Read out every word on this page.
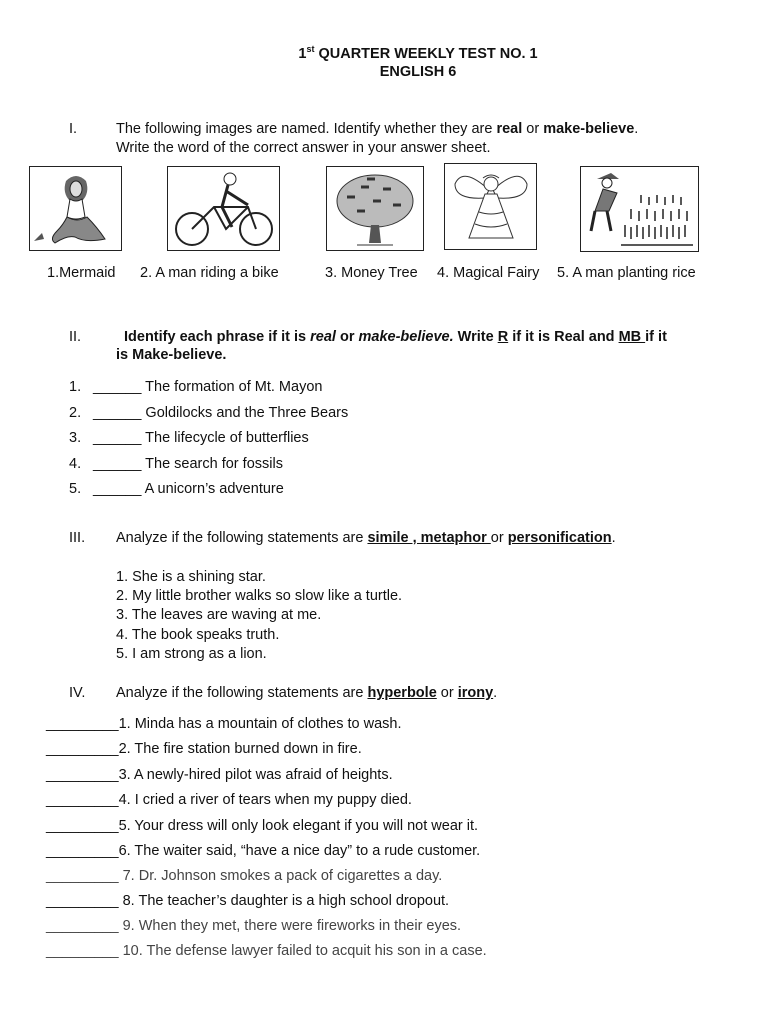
1st QUARTER WEEKLY TEST NO. 1
ENGLISH 6
I.	The following images are named. Identify whether they are real or make-believe.
Write the word of the correct answer in your answer sheet.
1.Mermaid 2. A man riding a bike	3. Money Tree 4. Magical Fairy 5. A man planting rice
II.	Identify each phrase if it is real or make-believe. Write R if it is Real and MB if it
is Make-believe.
1. ______ The formation of Mt. Mayon
2. ______ Goldilocks and the Three Bears
3. ______ The lifecycle of butterflies
4. ______ The search for fossils
5. ______ A unicorn’s adventure
III. Analyze if the following statements are simile , metaphor or personification.
1. She is a shining star.
2. My little brother walks so slow like a turtle.
3. The leaves are waving at me.
4. The book speaks truth.
5. I am strong as a lion.
IV. Analyze if the following statements are hyperbole or irony.
_________1. Minda has a mountain of clothes to wash.
_________2. The fire station burned down in fire.
_________3. A newly-hired pilot was afraid of heights.
_________4. I cried a river of tears when my puppy died.
_________5. Your dress will only look elegant if you will not wear it.
_________6. The waiter said, “have a nice day” to a rude customer.
_________ 7. Dr. Johnson smokes a pack of cigarettes a day.
_________ 8. The teacher’s daughter is a high school dropout.
_________ 9. When they met, there were fireworks in their eyes.
_________ 10. The defense lawyer failed to acquit his son in a case.
